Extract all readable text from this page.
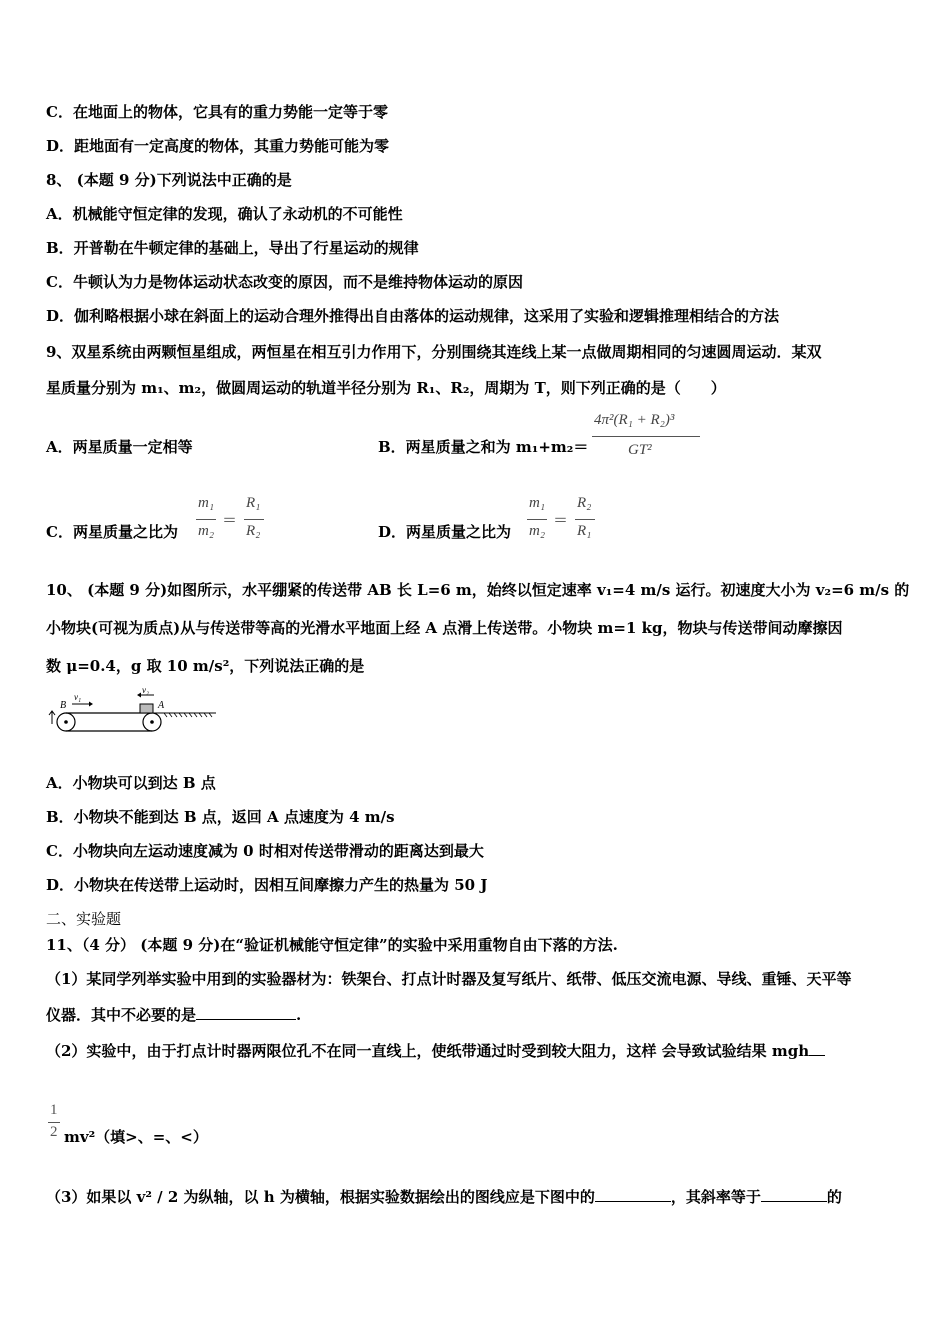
C．在地面上的物体，它具有的重力势能一定等于零
D．距地面有一定高度的物体，其重力势能可能为零
8、 (本题 9 分)下列说法中正确的是
A．机械能守恒定律的发现，确认了永动机的不可能性
B．开普勒在牛顿定律的基础上，导出了行星运动的规律
C．牛顿认为力是物体运动状态改变的原因，而不是维持物体运动的原因
D．伽利略根据小球在斜面上的运动合理外推得出自由落体的运动规律，这采用了实验和逻辑推理相结合的方法
9、双星系统由两颗恒星组成，两恒星在相互引力作用下，分别围绕其连线上某一点做周期相同的匀速圆周运动．某双
星质量分别为 m₁、m₂，做圆周运动的轨道半径分别为 R₁、R₂，周期为 T，则下列正确的是（　　）
A．两星质量一定相等	B．两星质量之和为 m₁+m₂＝
4π²(R₁ + R₂)³
GT²
C．两星质量之比为
m₁
m₂
＝
R₁
R₂	D．两星质量之比为
m₁
m₂
＝
R₂
R₁
10、 (本题 9 分)如图所示，水平绷紧的传送带 AB 长 L=6 m，始终以恒定速率 v₁=4 m/s 运行。初速度大小为 v₂=6 m/s 的
小物块(可视为质点)从与传送带等高的光滑水平地面上经 A 点滑上传送带。小物块 m=1 kg，物块与传送带间动摩擦因
数 μ=0.4，g 取 10 m/s²，下列说法正确的是
B	A
v₁
v₂
A．小物块可以到达 B 点
B．小物块不能到达 B 点，返回 A 点速度为 4 m/s
C．小物块向左运动速度减为 0 时相对传送带滑动的距离达到最大
D．小物块在传送带上运动时，因相互间摩擦力产生的热量为 50 J
二、实验题
11、（4 分） (本题 9 分)在“验证机械能守恒定律”的实验中采用重物自由下落的方法.
（1）某同学列举实验中用到的实验器材为：铁架台、打点计时器及复写纸片、纸带、低压交流电源、导线、重锤、天平等
仪器．其中不必要的是	.
（2）实验中，由于打点计时器两限位孔不在同一直线上，使纸带通过时受到较大阻力，这样 会导致试验结果 mgh
1
2 mv²（填>、=、<）
（3）如果以 v² / 2 为纵轴，以 h 为横轴，根据实验数据绘出的图线应是下图中的	，其斜率等于	的
